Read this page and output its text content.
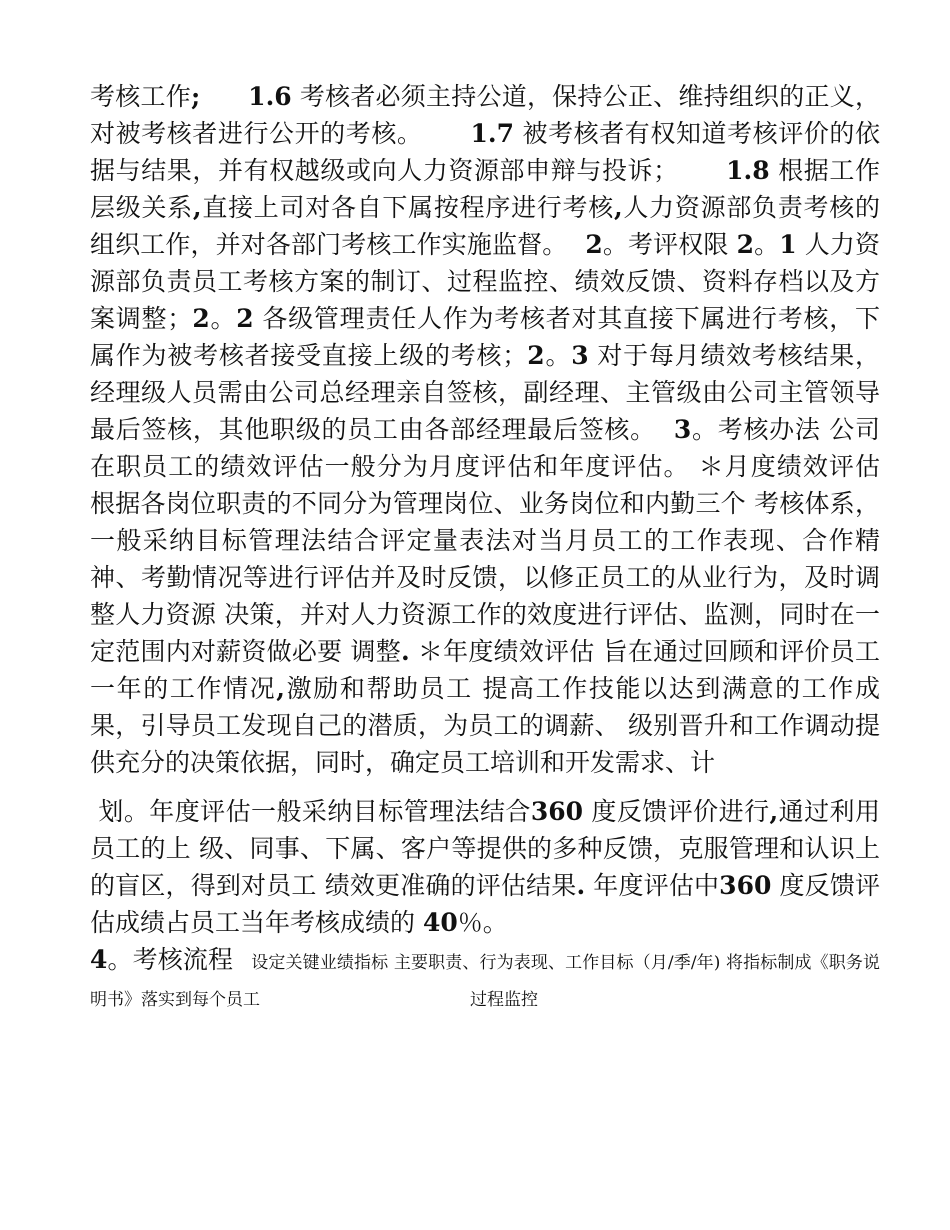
考核工作; 1.6 考核者必须主持公道，保持公正、维持组织的正义，对被考核者进行公开的考核。 1.7 被考核者有权知道考核评价的依据与结果，并有权越级或向人力资源部申辩与投诉； 1.8 根据工作层级关系,直接上司对各自下属按程序进行考核,人力资源部负责考核的组织工作，并对各部门考核工作实施监督。 2。考评权限 2。1 人力资源部负责员工考核方案的制订、过程监控、绩效反馈、资料存档以及方案调整；2。2 各级管理责任人作为考核者对其直接下属进行考核，下属作为被考核者接受直接上级的考核；2。3 对于每月绩效考核结果，经理级人员需由公司总经理亲自签核，副经理、主管级由公司主管领导最后签核，其他职级的员工由各部经理最后签核。 3。考核办法 公司在职员工的绩效评估一般分为月度评估和年度评估。 ＊月度绩效评估 根据各岗位职责的不同分为管理岗位、业务岗位和内勤三个 考核体系，一般采纳目标管理法结合评定量表法对当月员工的工作表现、合作精 神、考勤情况等进行评估并及时反馈，以修正员工的从业行为，及时调整人力资源 决策，并对人力资源工作的效度进行评估、监测，同时在一定范围内对薪资做必要 调整. ＊年度绩效评估 旨在通过回顾和评价员工一年的工作情况,激励和帮助员工 提高工作技能以达到满意的工作成果，引导员工发现自己的潜质，为员工的调薪、 级别晋升和工作调动提供充分的决策依据，同时，确定员工培训和开发需求、计

划。年度评估一般采纳目标管理法结合360 度反馈评价进行,通过利用员工的上 级、同事、下属、客户等提供的多种反馈，克服管理和认识上的盲区，得到对员工 绩效更准确的评估结果. 年度评估中360 度反馈评估成绩占员工当年考核成绩的 40％。
4。考核流程 设定关键业绩指标 主要职责、行为表现、工作目标（月/季/年) 将指标制成《职务说明书》落实到每个员工	过程监控
